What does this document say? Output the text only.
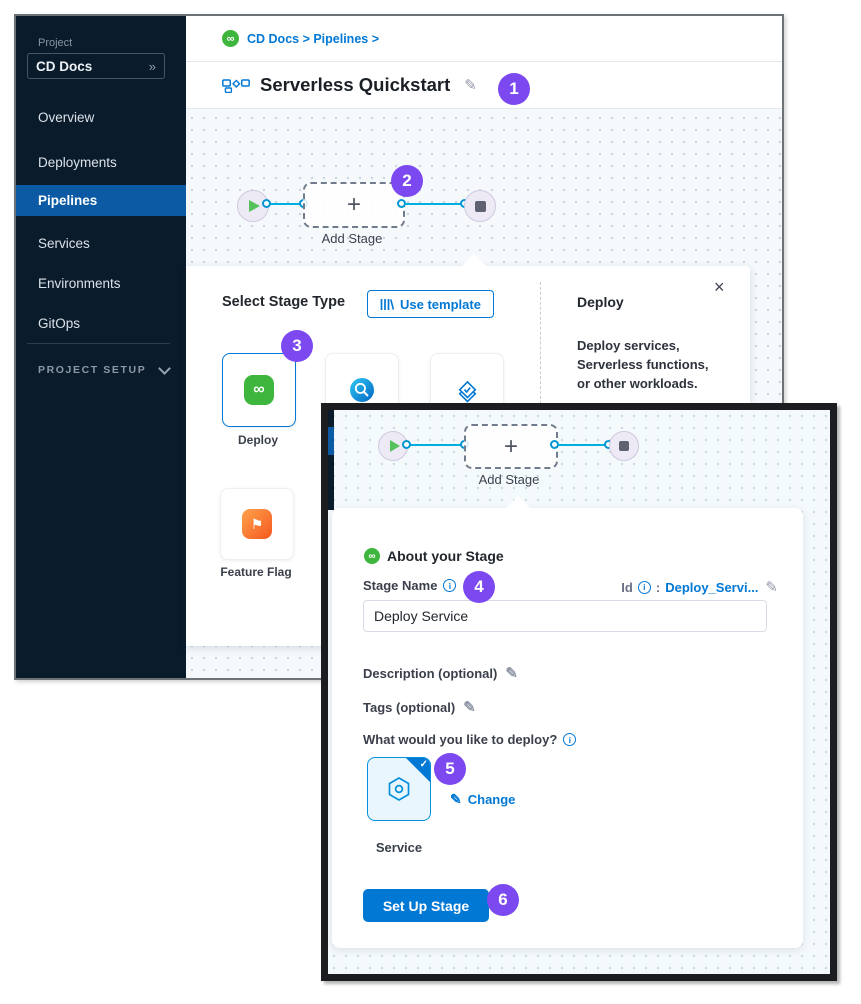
Project
CD Docs	»
Overview
Deployments
Pipelines
Services
Environments
GitOps
PROJECT SETUP
∞ CD Docs > Pipelines >
Serverless Quickstart ✎
+
Add Stage
Select Stage Type	Use template
∞
Deploy
⚑
Feature Flag
×
Deploy
Deploy services,
Serverless functions,
or other workloads.
+
Add Stage
∞ About your Stage
Stage Name	i	Id	i : Deploy_Servi... ✎
Deploy Service
Description (optional) ✎
Tags (optional) ✎
What would you like to deploy?	i
✓
✎ Change
Service
Set Up Stage
1
2
3
4
5
6
